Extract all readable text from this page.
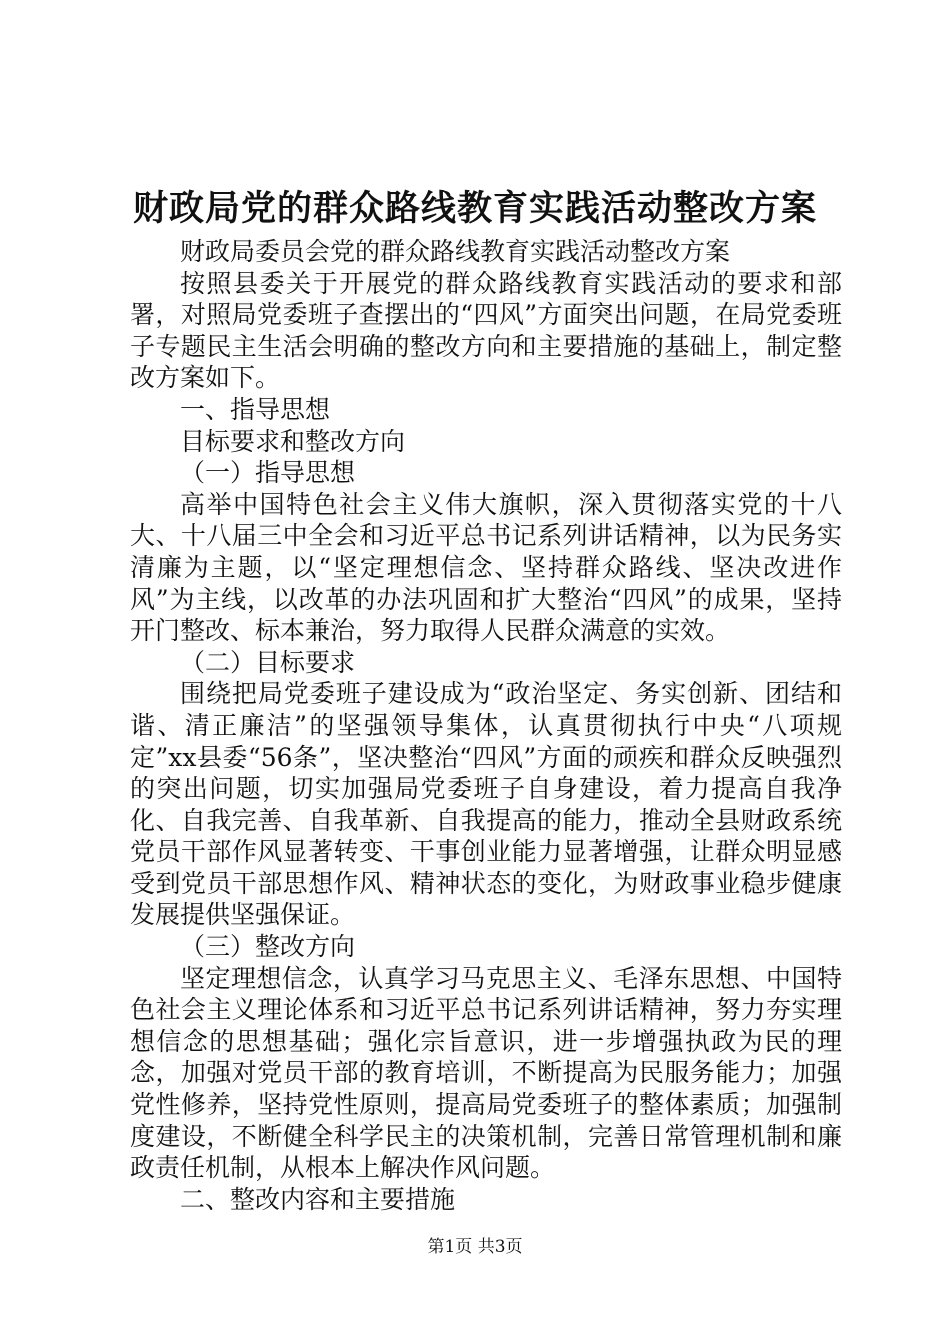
财政局党的群众路线教育实践活动整改方案

财政局委员会党的群众路线教育实践活动整改方案

按照县委关于开展党的群众路线教育实践活动的要求和部署，对照局党委班子查摆出的“四风”方面突出问题，在局党委班子专题民主生活会明确的整改方向和主要措施的基础上，制定整改方案如下。

一、指导思想

目标要求和整改方向

（一）指导思想

高举中国特色社会主义伟大旗帜，深入贯彻落实党的十八大、十八届三中全会和习近平总书记系列讲话精神，以为民务实清廉为主题，以“坚定理想信念、坚持群众路线、坚决改进作风”为主线，以改革的办法巩固和扩大整治“四风”的成果，坚持开门整改、标本兼治，努力取得人民群众满意的实效。

（二）目标要求

围绕把局党委班子建设成为“政治坚定、务实创新、团结和谐、清正廉洁”的坚强领导集体，认真贯彻执行中央“八项规定”xx县委“56条”，坚决整治“四风”方面的顽疾和群众反映强烈的突出问题，切实加强局党委班子自身建设，着力提高自我净化、自我完善、自我革新、自我提高的能力，推动全县财政系统党员干部作风显著转变、干事创业能力显著增强，让群众明显感受到党员干部思想作风、精神状态的变化，为财政事业稳步健康发展提供坚强保证。

（三）整改方向

坚定理想信念，认真学习马克思主义、毛泽东思想、中国特色社会主义理论体系和习近平总书记系列讲话精神，努力夯实理想信念的思想基础；强化宗旨意识，进一步增强执政为民的理念，加强对党员干部的教育培训，不断提高为民服务能力；加强党性修养，坚持党性原则，提高局党委班子的整体素质；加强制度建设，不断健全科学民主的决策机制，完善日常管理机制和廉政责任机制，从根本上解决作风问题。

二、整改内容和主要措施

第1页 共3页
